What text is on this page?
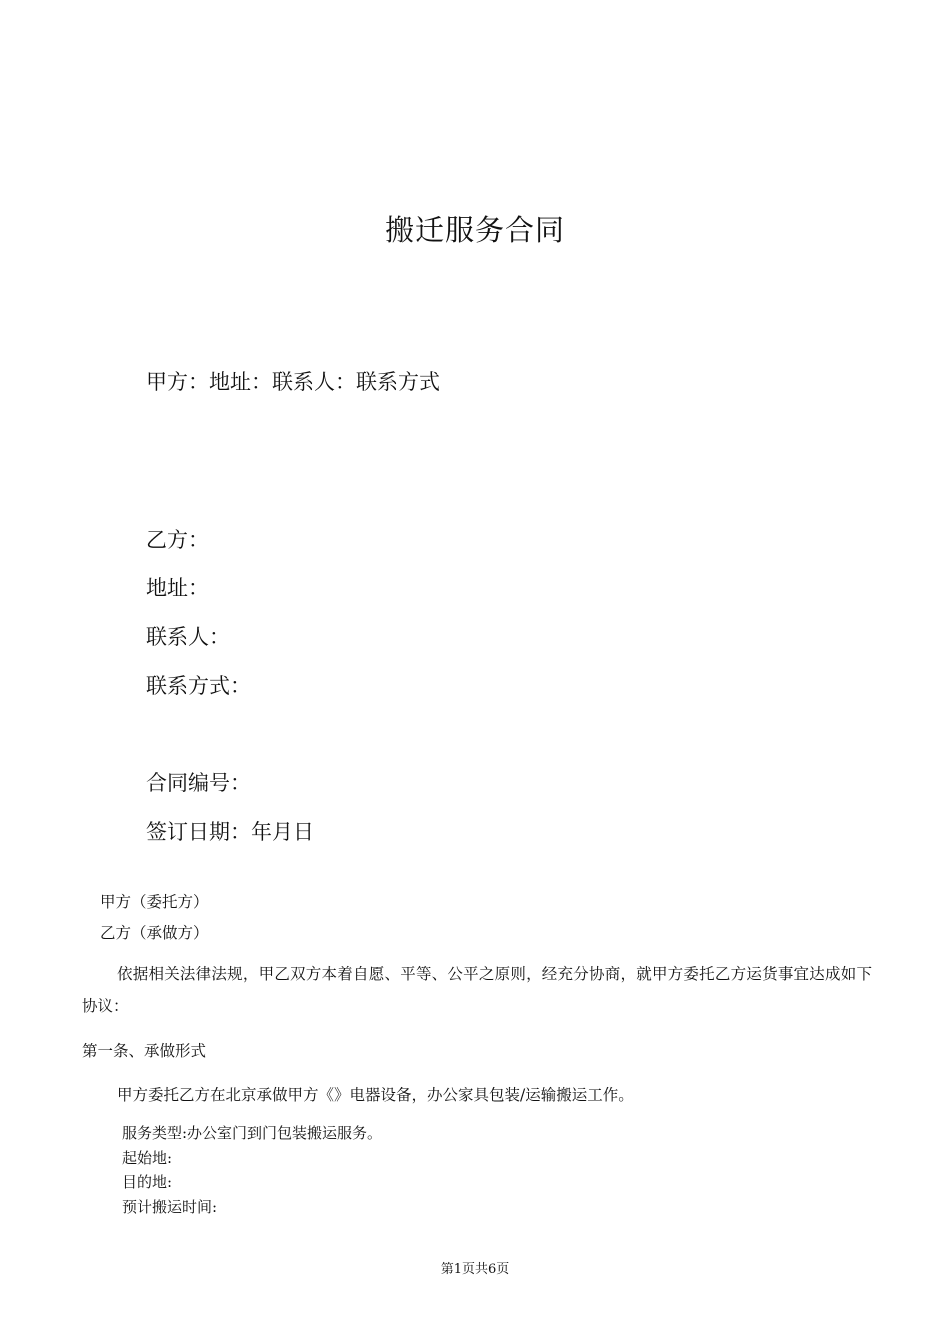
搬迁服务合同
甲方：地址：联系人：联系方式
乙方：
地址：
联系人：
联系方式：
合同编号：
签订日期：年月日
甲方（委托方）
乙方（承做方）
依据相关法律法规，甲乙双方本着自愿、平等、公平之原则，经充分协商，就甲方委托乙方运货事宜达成如下协议：
第一条、承做形式
甲方委托乙方在北京承做甲方《》电器设备，办公家具包装/运输搬运工作。
服务类型:办公室门到门包装搬运服务。
起始地:
目的地:
预计搬运时间:
第1页共6页
